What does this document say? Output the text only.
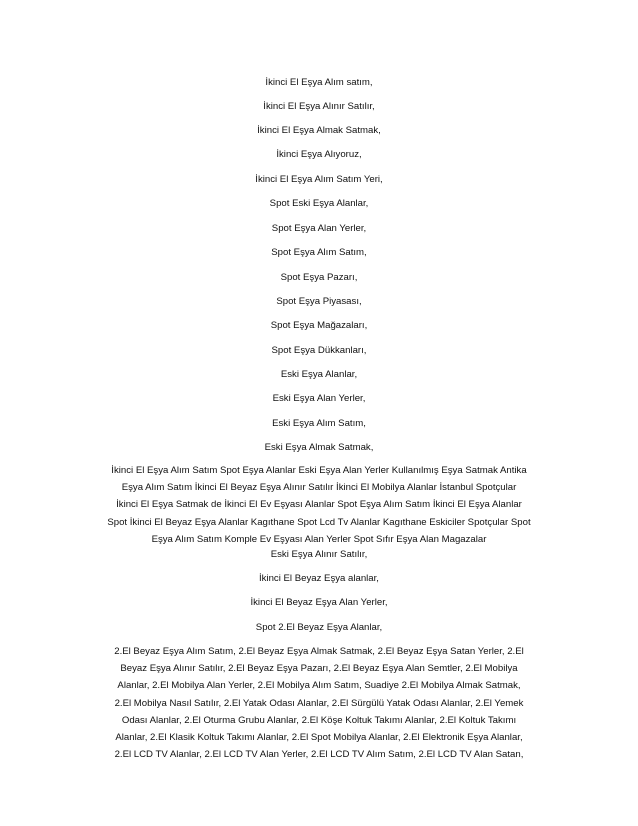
İkinci El Eşya Alım satım,
İkinci El Eşya Alınır Satılır,
İkinci El Eşya Almak Satmak,
İkinci Eşya Alıyoruz,
İkinci El Eşya Alım Satım Yeri,
Spot Eski Eşya Alanlar,
Spot Eşya Alan Yerler,
Spot Eşya Alım Satım,
Spot Eşya Pazarı,
Spot Eşya Piyasası,
Spot Eşya Mağazaları,
Spot Eşya Dükkanları,
Eski Eşya Alanlar,
Eski Eşya Alan Yerler,
Eski Eşya Alım Satım,
Eski Eşya Almak Satmak,
İkinci El Eşya Alım Satım Spot Eşya Alanlar Eski Eşya Alan Yerler Kullanılmış Eşya Satmak Antika
Eşya Alım Satım İkinci El Beyaz Eşya Alınır Satılır İkinci El Mobilya Alanlar İstanbul Spotçular
İkinci El Eşya Satmak de İkinci El Ev Eşyası Alanlar Spot Eşya Alım Satım İkinci El Eşya Alanlar
Spot İkinci El Beyaz Eşya Alanlar Kagıthane Spot Lcd Tv Alanlar Kagıthane Eskiciler Spotçular Spot
Eşya Alım Satım Komple Ev Eşyası Alan Yerler Spot Sıfır Eşya Alan Magazalar
Eski Eşya Alınır Satılır,
İkinci El Beyaz Eşya alanlar,
İkinci El Beyaz Eşya Alan Yerler,
Spot 2.El Beyaz Eşya Alanlar,
2.El Beyaz Eşya Alım Satım, 2.El Beyaz Eşya Almak Satmak, 2.El Beyaz Eşya Satan Yerler, 2.El
Beyaz Eşya Alınır Satılır, 2.El Beyaz Eşya Pazarı, 2.El Beyaz Eşya Alan Semtler, 2.El Mobilya
Alanlar, 2.El Mobilya Alan Yerler, 2.El Mobilya Alım Satım, Suadiye 2.El Mobilya Almak Satmak,
2.El Mobilya Nasıl Satılır, 2.El Yatak Odası Alanlar, 2.El Sürgülü Yatak Odası Alanlar, 2.El Yemek
Odası Alanlar, 2.El Oturma Grubu Alanlar, 2.El Köşe Koltuk Takımı Alanlar, 2.El Koltuk Takımı
Alanlar, 2.El Klasik Koltuk Takımı Alanlar, 2.El Spot Mobilya Alanlar, 2.El Elektronik Eşya Alanlar,
2.El LCD TV Alanlar, 2.El LCD TV Alan Yerler, 2.El LCD TV Alım Satım, 2.El LCD TV Alan Satan,
